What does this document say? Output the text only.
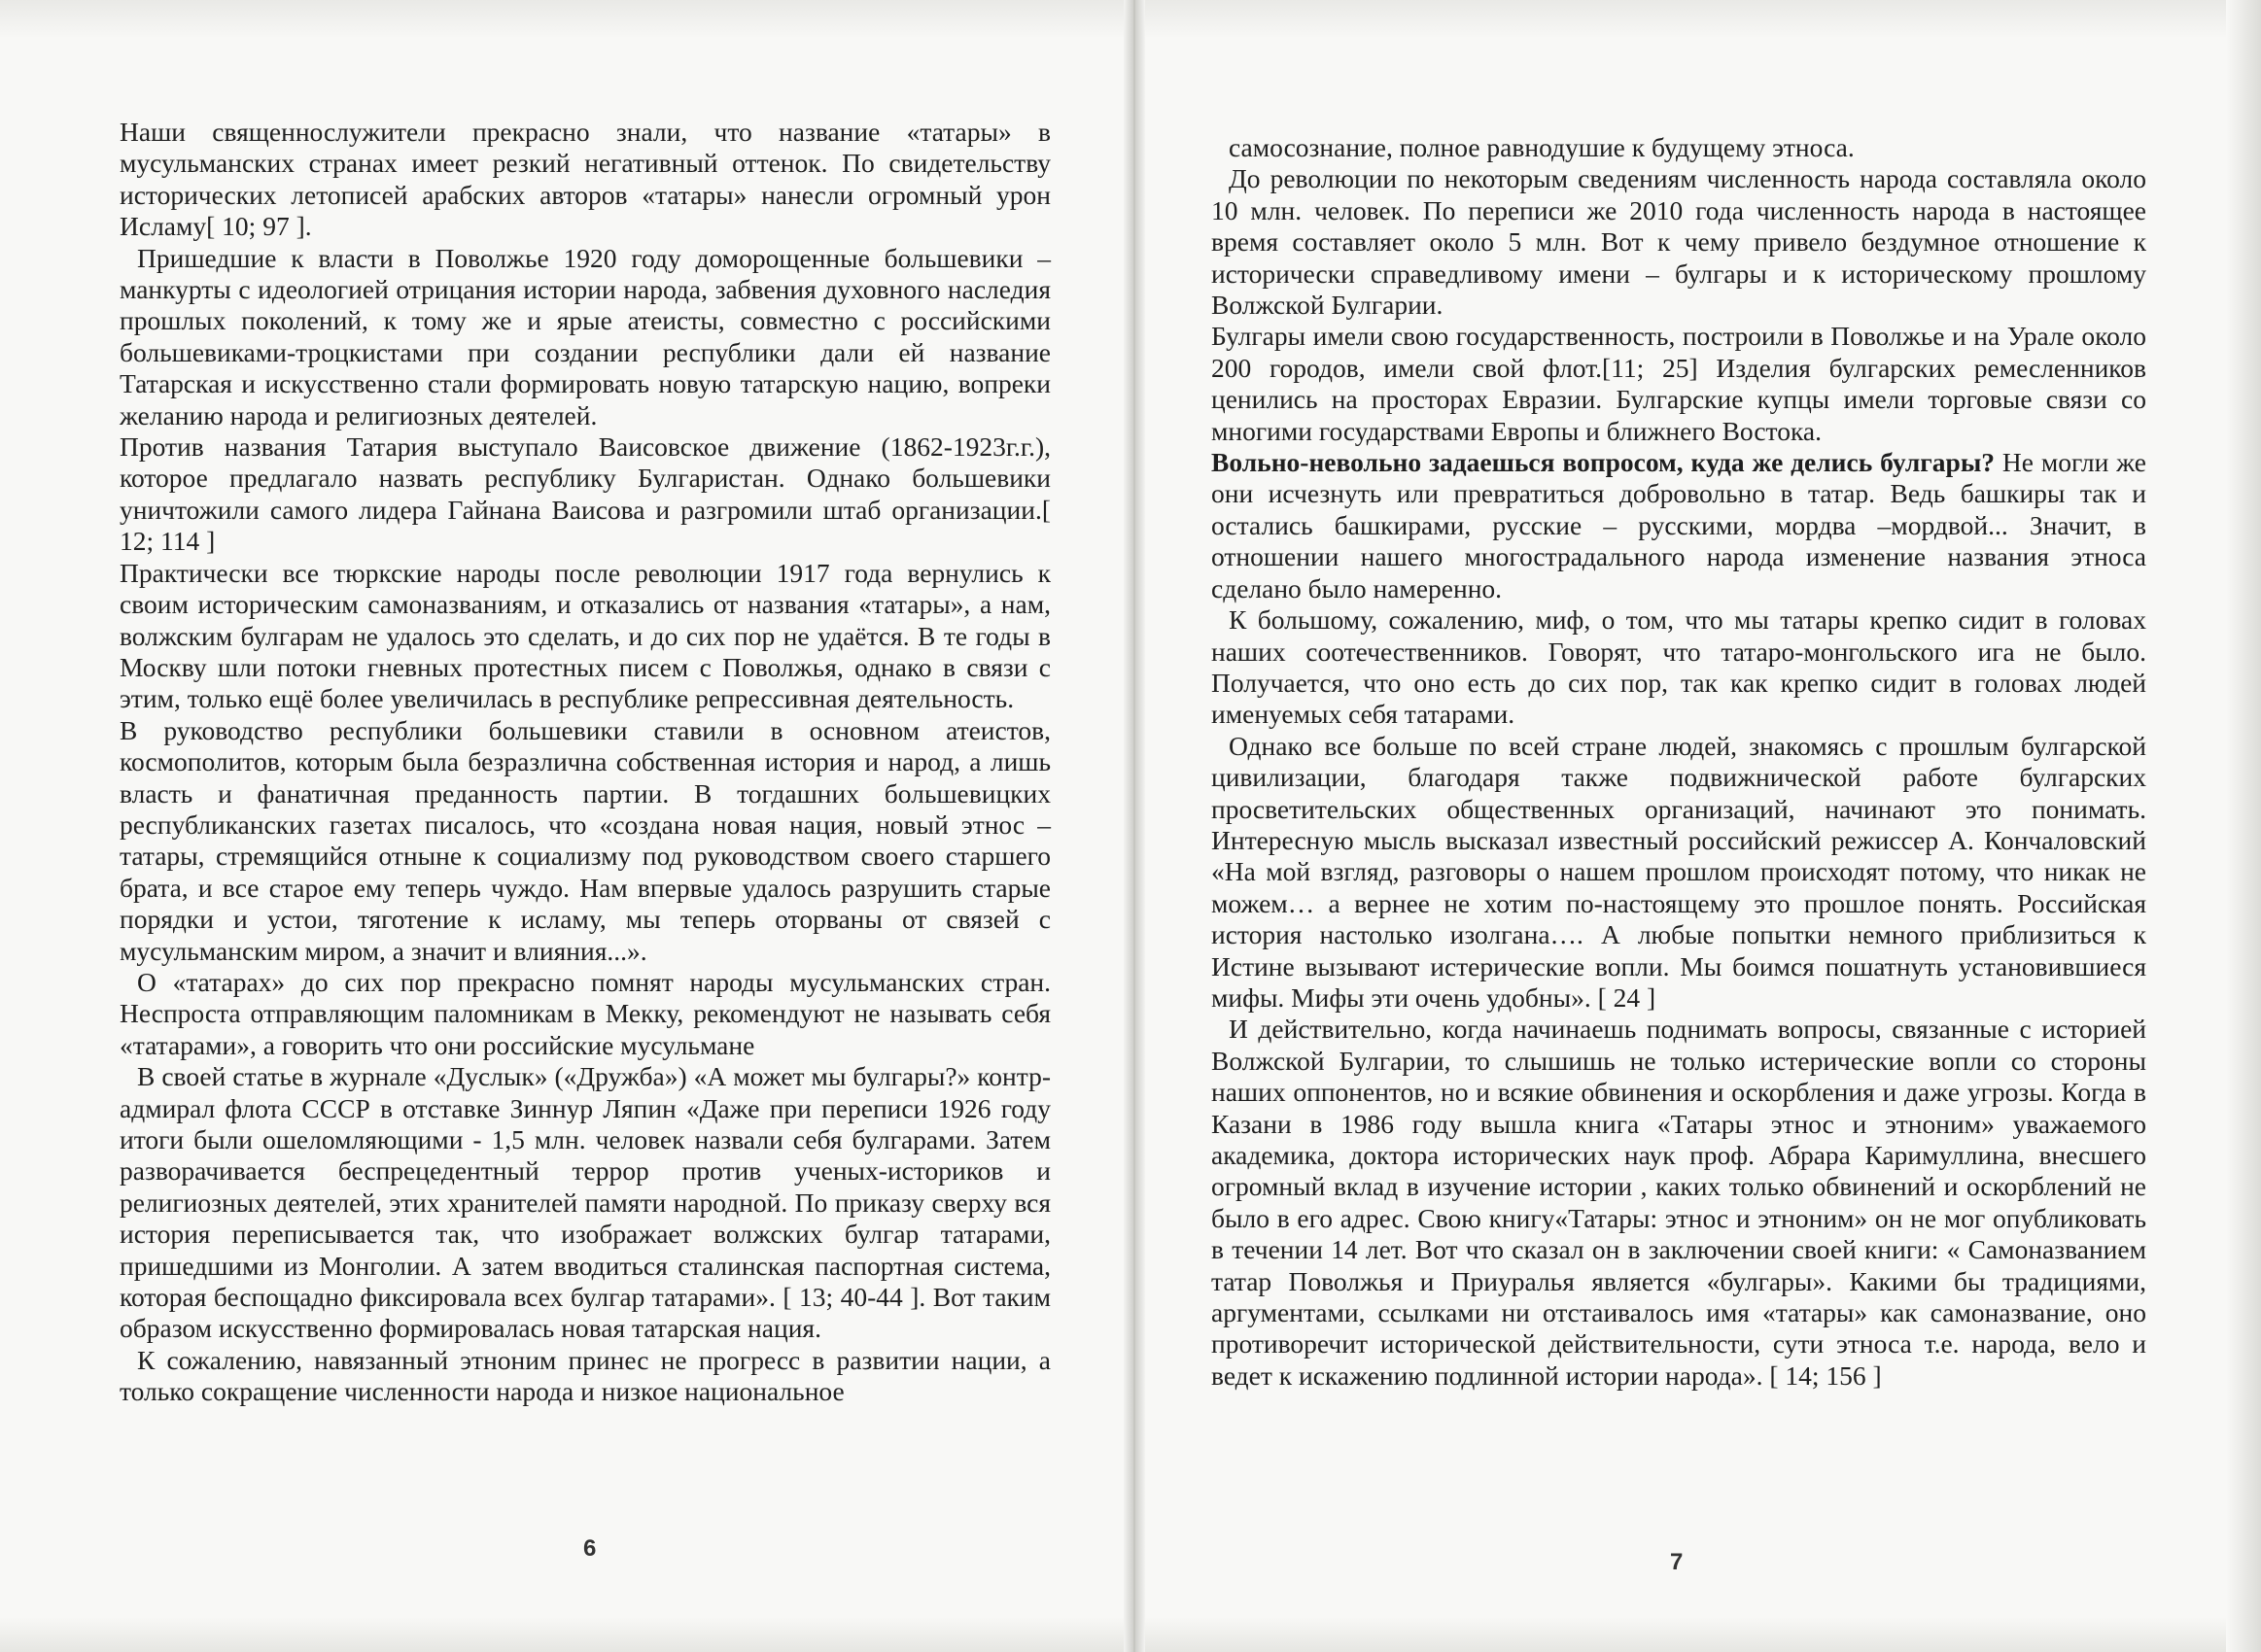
Наши священнослужители прекрасно знали, что название «татары» в мусульманских странах имеет резкий негативный оттенок. По свидетельству исторических летописей арабских авторов «татары» нанесли огромный урон Исламу[ 10; 97 ].

Пришедшие к власти в Поволжье 1920 году доморощенные большевики – манкурты с идеологией отрицания истории народа, забвения духовного наследия прошлых поколений, к тому же и ярые атеисты, совместно с российскими большевиками-троцкистами при создании республики дали ей название Татарская и искусственно стали формировать новую татарскую нацию, вопреки желанию народа и религиозных деятелей.

Против названия Татария выступало Ваисовское движение (1862-1923г.г.), которое предлагало назвать республику Булгаристан. Однако большевики уничтожили самого лидера Гайнана Ваисова и разгромили штаб организации.[ 12; 114 ]

Практически все тюркские народы после революции 1917 года вернулись к своим историческим самоназваниям, и отказались от названия «татары», а нам, волжским булгарам не удалось это сделать, и до сих пор не удаётся. В те годы в Москву шли потоки гневных протестных писем с Поволжья, однако в связи с этим, только ещё более увеличилась в республике репрессивная деятельность.

В руководство республики большевики ставили в основном атеистов, космополитов, которым была безразлична собственная история и народ, а лишь власть и фанатичная преданность партии. В тогдашних большевицких республиканских газетах писалось, что «создана новая нация, новый этнос – татары, стремящийся отныне к социализму под руководством своего старшего брата, и все старое ему теперь чуждо. Нам впервые удалось разрушить старые порядки и устои, тяготение к исламу, мы теперь оторваны от связей с мусульманским миром, а значит и влияния...».

О «татарах» до сих пор прекрасно помнят народы мусульманских стран. Неспроста отправляющим паломникам в Мекку, рекомендуют не называть себя «татарами», а говорить что они российские мусульмане

В своей статье в журнале «Дуслык» («Дружба») «А может мы булгары?» контр-адмирал флота СССР в отставке Зиннур Ляпин «Даже при переписи 1926 году итоги были ошеломляющими - 1,5 млн. человек назвали себя булгарами. Затем разворачивается беспрецедентный террор против ученых-историков и религиозных деятелей, этих хранителей памяти народной. По приказу сверху вся история переписывается так, что изображает волжских булгар татарами, пришедшими из Монголии. А затем вводиться сталинская паспортная система, которая беспощадно фиксировала всех булгар татарами». [ 13; 40-44 ]. Вот таким образом искусственно формировалась новая татарская нация.

К сожалению, навязанный этноним принес не прогресс в развитии нации, а только сокращение численности народа и низкое национальное

6

самосознание, полное равнодушие к будущему этноса.

До революции по некоторым сведениям численность народа составляла около 10 млн. человек. По переписи же 2010 года численность народа в настоящее время составляет около 5 млн. Вот к чему привело бездумное отношение к исторически справедливому имени – булгары и к историческому прошлому Волжской Булгарии.

Булгары имели свою государственность, построили в Поволжье и на Урале около 200 городов, имели свой флот.[11; 25] Изделия булгарских ремесленников ценились на просторах Евразии. Булгарские купцы имели торговые связи со многими государствами Европы и ближнего Востока.

Вольно-невольно задаешься вопросом, куда же делись булгары? Не могли же они исчезнуть или превратиться добровольно в татар. Ведь башкиры так и остались башкирами, русские – русскими, мордва –мордвой... Значит, в отношении нашего многострадального народа изменение названия этноса сделано было намеренно.

К большому, сожалению, миф, о том, что мы татары крепко сидит в головах наших соотечественников. Говорят, что татаро-монгольского ига не было. Получается, что оно есть до сих пор, так как крепко сидит в головах людей именуемых себя татарами.

Однако все больше по всей стране людей, знакомясь с прошлым булгарской цивилизации, благодаря также подвижнической работе булгарских просветительских общественных организаций, начинают это понимать. Интересную мысль высказал известный российский режиссер А. Кончаловский «На мой взгляд, разговоры о нашем прошлом происходят потому, что никак не можем… а вернее не хотим по-настоящему это прошлое понять. Российская история настолько изолгана…. А любые попытки немного приблизиться к Истине вызывают истерические вопли. Мы боимся пошатнуть установившиеся мифы. Мифы эти очень удобны». [ 24 ]

И действительно, когда начинаешь поднимать вопросы, связанные с историей Волжской Булгарии, то слышишь не только истерические вопли со стороны наших оппонентов, но и всякие обвинения и оскорбления и даже угрозы. Когда в Казани в 1986 году вышла книга «Татары этнос и этноним» уважаемого академика, доктора исторических наук проф. Абрара Каримуллина, внесшего огромный вклад в изучение истории , каких только обвинений и оскорблений не было в его адрес. Свою книгу«Татары: этнос и этноним» он не мог опубликовать в течении 14 лет. Вот что сказал он в заключении своей книги: « Самоназванием татар Поволжья и Приуралья является «булгары». Какими бы традициями, аргументами, ссылками ни отстаивалось имя «татары» как самоназвание, оно противоречит исторической действительности, сути этноса т.е. народа, вело и ведет к искажению подлинной истории народа». [ 14; 156 ]

7
